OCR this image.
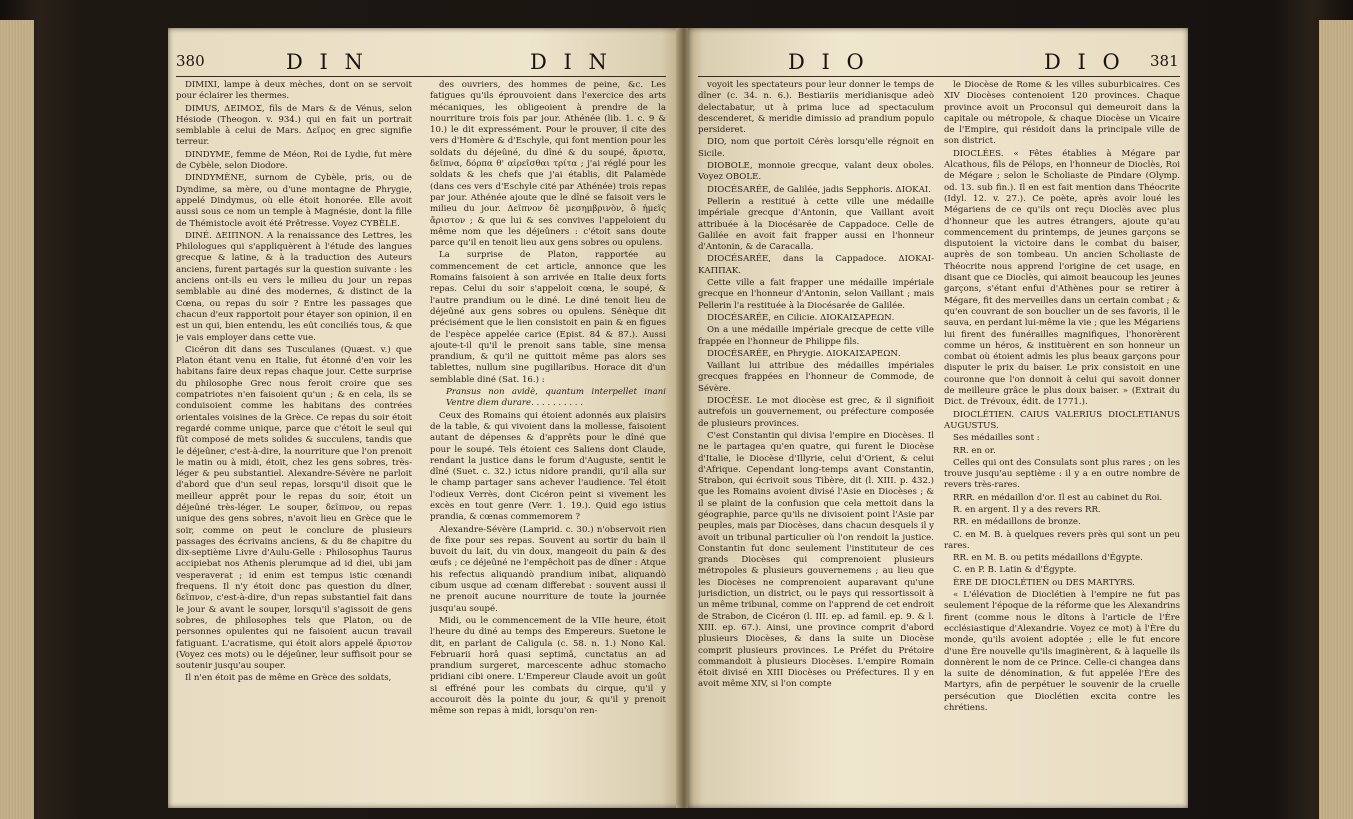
380	D I N	D I N

DIMIXI, lampe à deux mèches, dont on se servoit pour éclairer les thermes.

DIMUS, ΔΕΙΜΟΣ, fils de Mars & de Vénus, selon Hésiode (Theogon. v. 934.) qui en fait un portrait semblable à celui de Mars. Δεῖμος en grec signifie terreur.

DINDYME, femme de Méon, Roi de Lydie, fut mère de Cybèle, selon Diodore.

DINDYMÈNE, surnom de Cybèle, pris, ou de Dyndime, sa mère, ou d'une montagne de Phrygie, appelé Dindymus, où elle étoit honorée. Elle avoit aussi sous ce nom un temple à Magnésie, dont la fille de Thémistocle avoit été Prêtresse. Voyez CYBÈLE.

DINÉ. ΔΕΙΠΝΟΝ. A la renaissance des Lettres, les Philologues qui s'appliquèrent à l'étude des langues grecque & latine, & à la traduction des Auteurs anciens, furent partagés sur la question suivante : les anciens ont-ils eu vers le milieu du jour un repas semblable au diné des modernes, & distinct de la Cœna, ou repas du soir ? Entre les passages que chacun d'eux rapportoit pour étayer son opinion, il en est un qui, bien entendu, les eût conciliés tous, & que je vais employer dans cette vue.

Cicéron dit dans ses Tusculanes (Quæst. v.) que Platon étant venu en Italie, fut étonné d'en voir les habitans faire deux repas chaque jour. Cette surprise du philosophe Grec nous feroit croire que ses compatriotes n'en faisoient qu'un ; & en cela, ils se conduisoient comme les habitans des contrées orientales voisines de la Grèce. Ce repas du soir étoit regardé comme unique, parce que c'étoit le seul qui fût composé de mets solides & succulens, tandis que le déjeûner, c'est-à-dire, la nourriture que l'on prenoit le matin ou à midi, étoit, chez les gens sobres, très-léger & peu substantiel. Alexandre-Sévère ne parloit d'abord que d'un seul repas, lorsqu'il disoit que le meilleur apprêt pour le repas du soir, étoit un déjeûné très-léger. Le souper, δεῖπνον, ou repas unique des gens sobres, n'avoit lieu en Grèce que le soir, comme on peut le conclure de plusieurs passages des écrivains anciens, & du 8e chapitre du dix-septième Livre d'Aulu-Gelle : Philosophus Taurus accipiebat nos Athenis plerumque ad id diei, ubi jam vesperaverat ; id enim est tempus istic cœnandi frequens. Il n'y étoit donc pas question du dîner, δεῖπνον, c'est-à-dire, d'un repas substantiel fait dans le jour & avant le souper, lorsqu'il s'agissoit de gens sobres, de philosophes tels que Platon, ou de personnes opulentes qui ne faisoient aucun travail fatiguant. L'acratisme, qui étoit alors appelé ἄριστον (Voyez ces mots) ou le déjeûner, leur suffisoit pour se soutenir jusqu'au souper.

Il n'en étoit pas de même en Grèce des soldats,

des ouvriers, des hommes de peine, &c. Les fatigues qu'ils éprouvoient dans l'exercice des arts mécaniques, les obligeoient à prendre de la nourriture trois fois par jour. Athénée (lib. 1. c. 9 & 10.) le dit expressément. Pour le prouver, il cite des vers d'Homère & d'Eschyle, qui font mention pour les soldats du déjeûné, du dîné & du soupé, ἄριστα, δεῖπνα, δόρπα θ' αἱρεῖσθαι τρίτα ; j'ai réglé pour les soldats & les chefs que j'ai établis, dit Palamède (dans ces vers d'Eschyle cité par Athénée) trois repas par jour. Athénée ajoute que le dîné se faisoit vers le milieu du jour. Δεῖπνον δὲ μεσημβρινὸν, ὃ ἡμεῖς ἄριστον ; & que lui & ses convives l'appeloient du même nom que les déjeûners : c'étoit sans doute parce qu'il en tenoit lieu aux gens sobres ou opulens.

La surprise de Platon, rapportée au commencement de cet article, annonce que les Romains faisoient à son arrivée en Italie deux forts repas. Celui du soir s'appeloit cœna, le soupé, & l'autre prandium ou le diné. Le diné tenoit lieu de déjeûné aux gens sobres ou opulens. Sénèque dit précisément que le lien consistoit en pain & en figues de l'espèce appelée carice (Epist. 84 & 87.). Aussi ajoute-t-il qu'il le prenoit sans table, sine mensa prandium, & qu'il ne quittoit même pas alors ses tablettes, nullum sine pugillaribus. Horace dit d'un semblable diné (Sat. 16.) :

Pransus non avidè, quantum interpellet inani Ventre diem durare. . . . . . . . . .

Ceux des Romains qui étoient adonnés aux plaisirs de la table, & qui vivoient dans la mollesse, faisoient autant de dépenses & d'apprêts pour le dîné que pour le soupé. Tels étoient ces Saliens dont Claude, rendant la justice dans le forum d'Auguste, sentit le dîné (Suet. c. 32.) ictus nidore prandii, qu'il alla sur le champ partager sans achever l'audience. Tel étoit l'odieux Verrès, dont Cicéron peint si vivement les excès en tout genre (Verr. 1. 19.). Quid ego istius prandia, & cœnas commemorem ?

Alexandre-Sévère (Lamprid. c. 30.) n'observoit rien de fixe pour ses repas. Souvent au sortir du bain il buvoit du lait, du vin doux, mangeoit du pain & des œufs ; ce déjeûné ne l'empêchoit pas de dîner : Atque his refectus aliquandò prandium inibat, aliquandò cibum usque ad cœnam differebat : souvent aussi il ne prenoit aucune nourriture de toute la journée jusqu'au soupé.

Midi, ou le commencement de la VIIe heure, étoit l'heure du diné au temps des Empereurs. Suetone le dit, en parlant de Caligula (c. 58. n. 1.) Nono Kal. Februarii horâ quasi septimâ, cunctatus an ad prandium surgeret, marcescente adhuc stomacho pridiani cibi onere. L'Empereur Claude avoit un goût si effréné pour les combats du cirque, qu'il y accouroit dès la pointe du jour, & qu'il y prenoit même son repas à midi, lorsqu'on ren-

D I O	D I O 381

voyoit les spectateurs pour leur donner le temps de dîner (c. 34. n. 6.). Bestiariis meridianisque adeò delectabatur, ut à prima luce ad spectaculum descenderet, & meridie dimissio ad prandium populo persideret.

DIO, nom que portoit Cérès lorsqu'elle régnoit en Sicile.

DIOBOLE, monnoie grecque, valant deux oboles. Voyez OBOLE.

DIOCÉSARÉE, de Galilée, jadis Sepphoris. ΔΙΟΚΑΙ.

Pellerin a restitué à cette ville une médaille impériale grecque d'Antonin, que Vaillant avoit attribuée à la Diocésarée de Cappadoce. Celle de Galilée en avoit fait frapper aussi en l'honneur d'Antonin, & de Caracalla.

DIOCÉSARÉE, dans la Cappadoce. ΔΙΟΚΑΙ-ΚΑΠΠΑΚ.

Cette ville a fait frapper une médaille impériale grecque en l'honneur d'Antonin, selon Vaillant ; mais Pellerin l'a restituée à la Diocésarée de Galilée.

DIOCÉSARÉE, en Cilicie. ΔΙΟΚΑΙΣΑΡΕΩΝ.

On a une médaille impériale grecque de cette ville frappée en l'honneur de Philippe fils.

DIOCÉSARÉE, en Phrygie. ΔΙΟΚΑΙΣΑΡΕΩΝ.

Vaillant lui attribue des médailles impériales grecques frappées en l'honneur de Commode, de Sévère.

DIOCÈSE. Le mot diocèse est grec, & il signifioit autrefois un gouvernement, ou préfecture composée de plusieurs provinces.

C'est Constantin qui divisa l'empire en Diocèses. Il ne le partagea qu'en quatre, qui furent le Diocèse d'Italie, le Diocèse d'Illyrie, celui d'Orient, & celui d'Afrique. Cependant long-temps avant Constantin, Strabon, qui écrivoit sous Tibère, dit (l. XIII. p. 432.) que les Romains avoient divisé l'Asie en Diocèses ; & il se plaint de la confusion que cela mettoit dans la géographie, parce qu'ils ne divisoient point l'Asie par peuples, mais par Diocèses, dans chacun desquels il y avoit un tribunal particulier où l'on rendoit la justice. Constantin fut donc seulement l'instituteur de ces grands Diocèses qui comprenoient plusieurs métropoles & plusieurs gouvernemens ; au lieu que les Diocèses ne comprenoient auparavant qu'une jurisdiction, un district, ou le pays qui ressortissoit à un même tribunal, comme on l'apprend de cet endroit de Strabon, de Cicéron (l. III. ep. ad famil. ep. 9. & l. XIII. ep. 67.). Ainsi, une province comprit d'abord plusieurs Diocèses, & dans la suite un Diocèse comprit plusieurs provinces. Le Préfet du Prétoire commandoit à plusieurs Diocèses. L'empire Romain étoit divisé en XIII Diocèses ou Préfectures. Il y en avoit même XIV, si l'on compte

le Diocèse de Rome & les villes suburbicaires. Ces XIV Diocèses contenoient 120 provinces. Chaque province avoit un Proconsul qui demeuroit dans la capitale ou métropole, & chaque Diocèse un Vicaire de l'Empire, qui résidoit dans la principale ville de son district.

DIOCLÉES. « Fêtes établies à Mégare par Alcathous, fils de Pélops, en l'honneur de Dioclès, Roi de Mégare ; selon le Scholiaste de Pindare (Olymp. od. 13. sub fin.). Il en est fait mention dans Théocrite (Idyl. 12. v. 27.). Ce poète, après avoir loué les Mégariens de ce qu'ils ont reçu Dioclès avec plus d'honneur que les autres étrangers, ajoute qu'au commencement du printemps, de jeunes garçons se disputoient la victoire dans le combat du baiser, auprès de son tombeau. Un ancien Scholiaste de Théocrite nous apprend l'origine de cet usage, en disant que ce Dioclès, qui aimoit beaucoup les jeunes garçons, s'étant enfui d'Athènes pour se retirer à Mégare, fit des merveilles dans un certain combat ; & qu'en couvrant de son bouclier un de ses favoris, il le sauva, en perdant lui-même la vie ; que les Mégariens lui firent des funérailles magnifiques, l'honorèrent comme un héros, & instituèrent en son honneur un combat où étoient admis les plus beaux garçons pour disputer le prix du baiser. Le prix consistoit en une couronne que l'on donnoit à celui qui savoit donner de meilleure grâce le plus doux baiser. » (Extrait du Dict. de Trévoux, édit. de 1771.).

DIOCLÉTIEN. CAIUS VALERIUS DIOCLETIANUS AUGUSTUS.

Ses médailles sont :

RR. en or.

Celles qui ont des Consulats sont plus rares ; on les trouve jusqu'au septième : il y a en outre nombre de revers très-rares.

RRR. en médaillon d'or. Il est au cabinet du Roi.

R. en argent. Il y a des revers RR.

RR. en médaillons de bronze.

C. en M. B. à quelques revers près qui sont un peu rares.

RR. en M. B. ou petits médaillons d'Égypte.

C. en P. B. Latin & d'Égypte.

ÈRE DE DIOCLÉTIEN ou DES MARTYRS.

« L'élévation de Dioclétien à l'empire ne fut pas seulement l'époque de la réforme que les Alexandrins firent (comme nous le dîtons à l'article de l'Ère ecclésiastique d'Alexandrie. Voyez ce mot) à l'Ère du monde, qu'ils avoient adoptée ; elle le fut encore d'une Ère nouvelle qu'ils imaginèrent, & à laquelle ils donnèrent le nom de ce Prince. Celle-ci changea dans la suite de dénomination, & fut appelée l'Ère des Martyrs, afin de perpétuer le souvenir de la cruelle persécution que Dioclétien excita contre les chrétiens.
